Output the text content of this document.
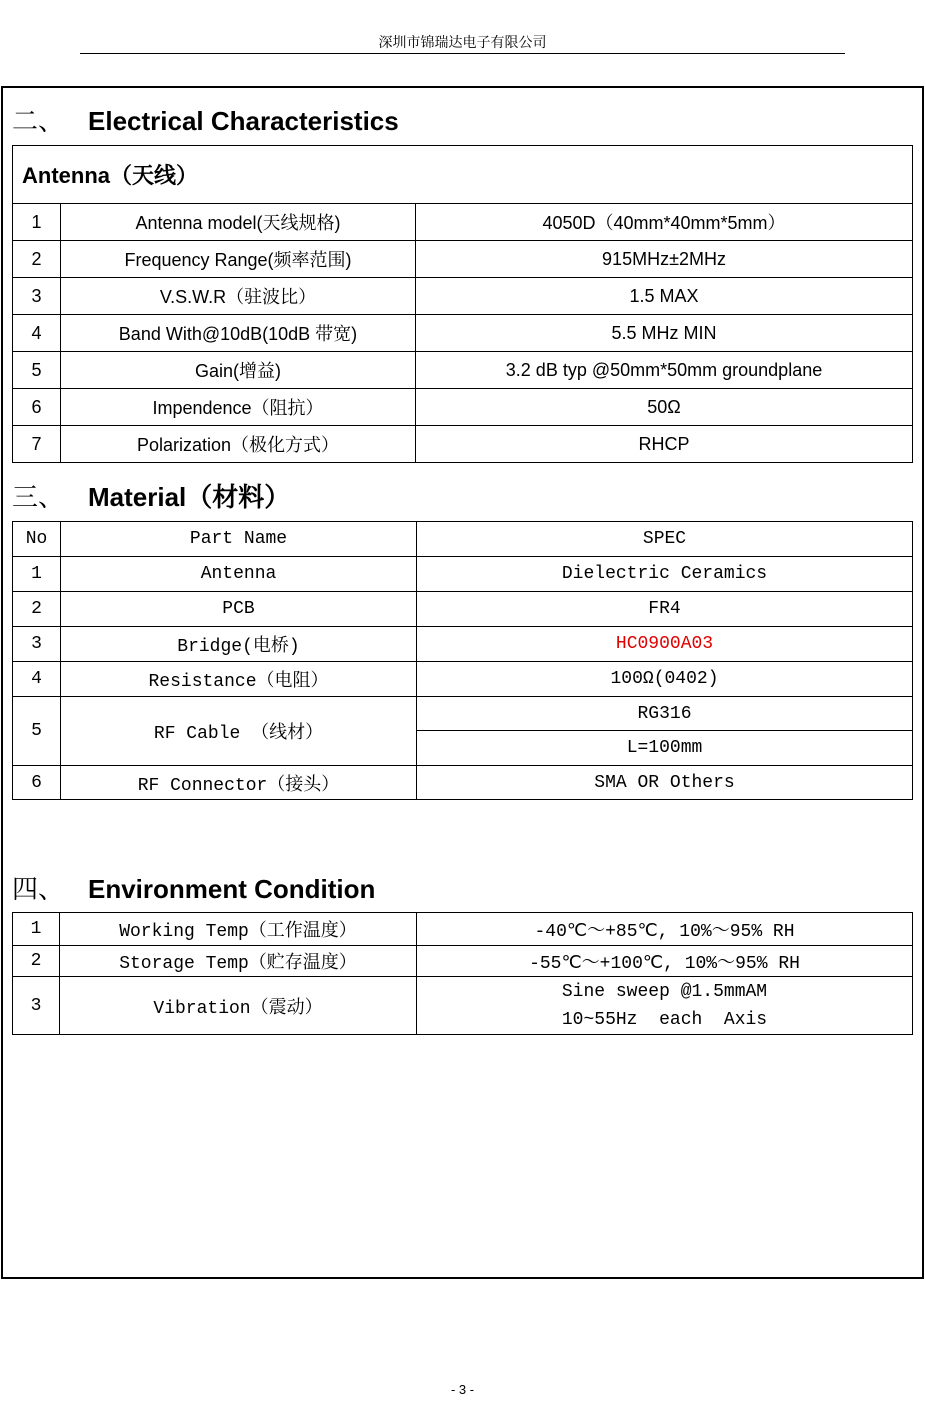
深圳市锦瑞达电子有限公司
二、 Electrical Characteristics
Antenna（天线）		
1	Antenna model(天线规格)	4050D（40mm*40mm*5mm）
2	Frequency Range(频率范围)	915MHz±2MHz
3	V.S.W.R（驻波比）	1.5 MAX
4	Band With@10dB(10dB 带宽)	5.5 MHz MIN
5	Gain(增益)	3.2 dB typ @50mm*50mm groundplane
6	Impendence（阻抗）	50Ω
7	Polarization（极化方式）	RHCP
三、 Material（材料）
No	Part Name	SPEC
1	Antenna	Dielectric Ceramics
2	PCB	FR4
3	Bridge(电桥)	HC0900A03
4	Resistance（电阻）	100Ω(0402)
5	RF Cable （线材）	RG316
		L=100mm
6	RF Connector（接头）	SMA OR Others
四、 Environment Condition
1	Working Temp（工作温度）	-40℃～+85℃, 10%～95% RH
2	Storage Temp（贮存温度）	-55℃～+100℃, 10%～95% RH
3	Vibration（震动）	Sine sweep @1.5mmAM
10~55Hz  each  Axis
- 3 -
